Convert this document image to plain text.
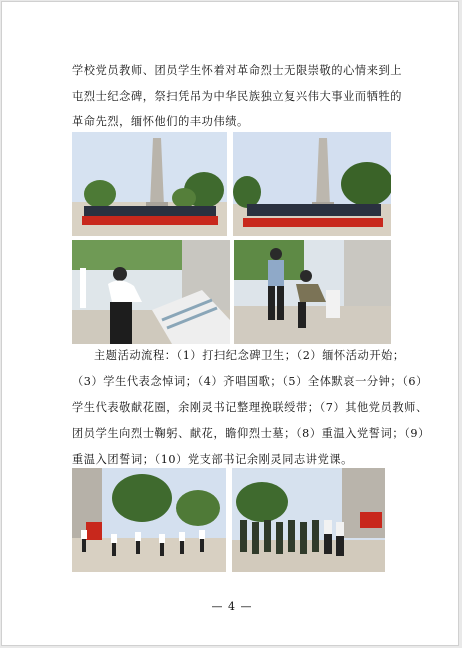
学校党员教师、团员学生怀着对革命烈士无限崇敬的心情来到上
屯烈士纪念碑，祭扫凭吊为中华民族独立复兴伟大事业而牺牲的
革命先烈，缅怀他们的丰功伟绩。

主题活动流程：（1）打扫纪念碑卫生；（2）缅怀活动开始；
（3）学生代表念悼词；（4）齐唱国歌；（5）全体默哀一分钟；（6）
学生代表敬献花圈，余刚灵书记整理挽联绶带；（7）其他党员教师、
团员学生向烈士鞠躬、献花，瞻仰烈士墓；（8）重温入党誓词；（9）
重温入团誓词；（10）党支部书记余刚灵同志讲党课。

— 4 —
